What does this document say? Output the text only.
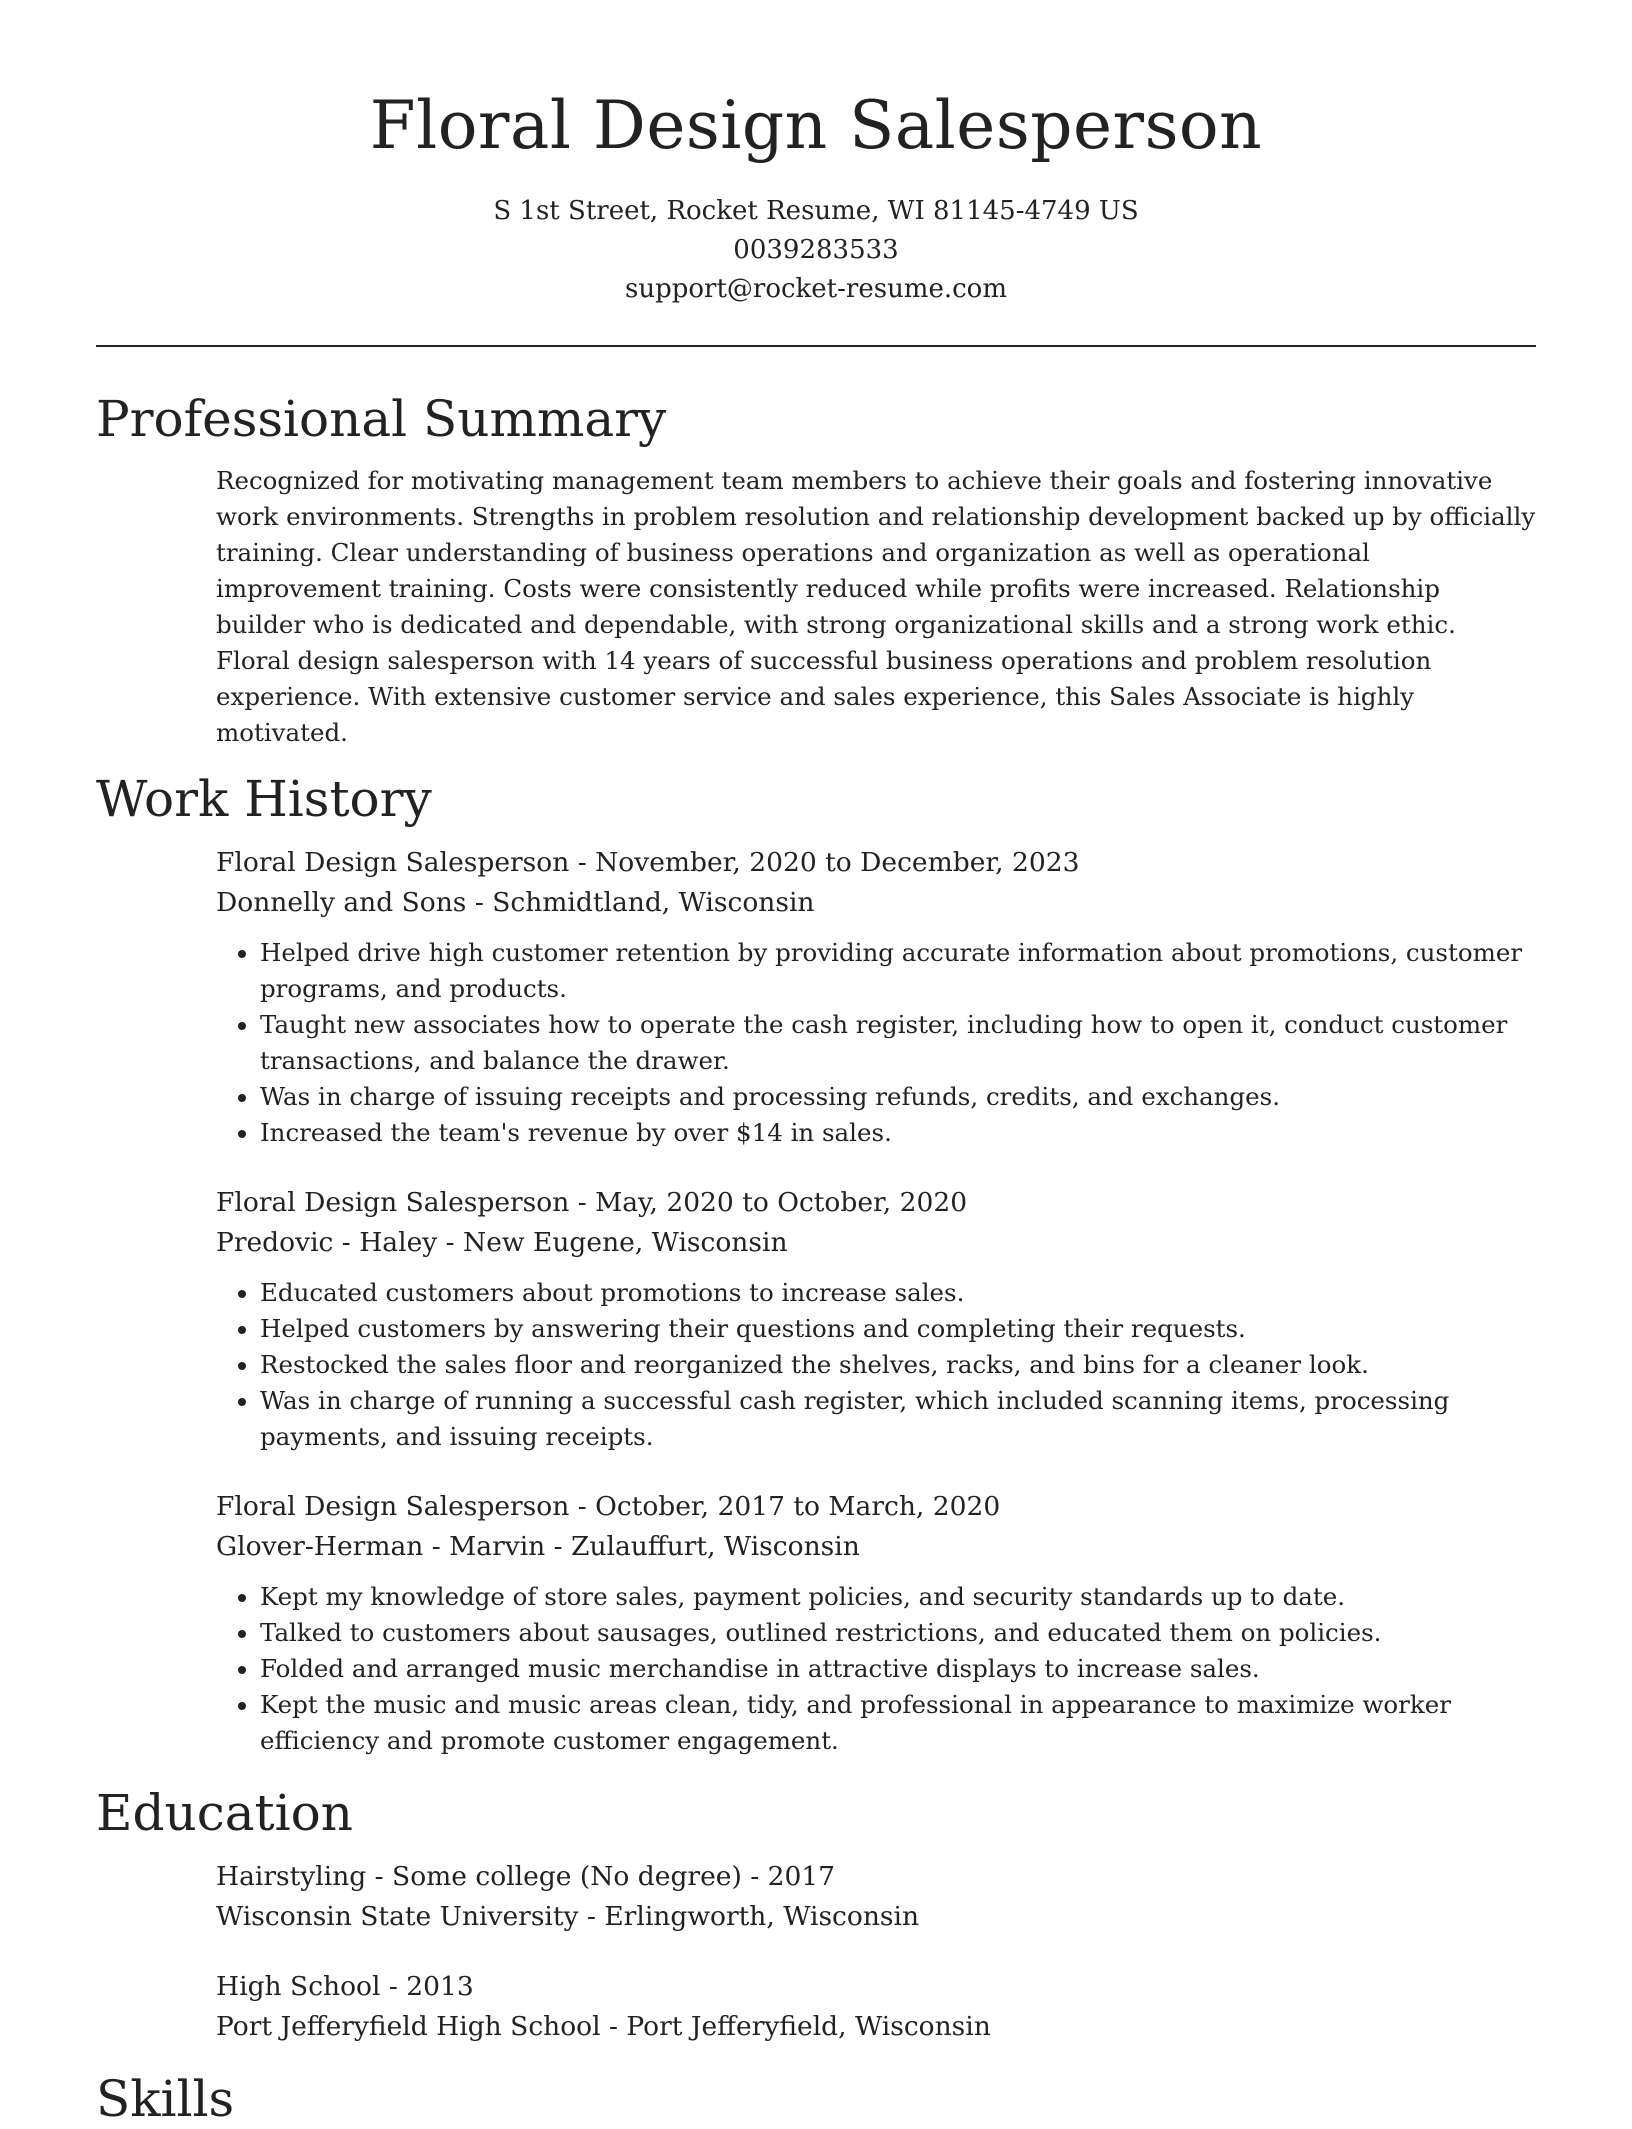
Floral Design Salesperson

S 1st Street, Rocket Resume, WI 81145-4749 US

0039283533

support@rocket-resume.com

Professional Summary

Recognized for motivating management team members to achieve their goals and fostering innovative work environments. Strengths in problem resolution and relationship development backed up by officially training. Clear understanding of business operations and organization as well as operational improvement training. Costs were consistently reduced while profits were increased. Relationship builder who is dedicated and dependable, with strong organizational skills and a strong work ethic. Floral design salesperson with 14 years of successful business operations and problem resolution experience. With extensive customer service and sales experience, this Sales Associate is highly motivated.

Work History

Floral Design Salesperson - November, 2020 to December, 2023

Donnelly and Sons - Schmidtland, Wisconsin

• Helped drive high customer retention by providing accurate information about promotions, customer programs, and products.
• Taught new associates how to operate the cash register, including how to open it, conduct customer transactions, and balance the drawer.
• Was in charge of issuing receipts and processing refunds, credits, and exchanges.
• Increased the team's revenue by over $14 in sales.

Floral Design Salesperson - May, 2020 to October, 2020

Predovic - Haley - New Eugene, Wisconsin

• Educated customers about promotions to increase sales.
• Helped customers by answering their questions and completing their requests.
• Restocked the sales floor and reorganized the shelves, racks, and bins for a cleaner look.
• Was in charge of running a successful cash register, which included scanning items, processing payments, and issuing receipts.

Floral Design Salesperson - October, 2017 to March, 2020

Glover-Herman - Marvin - Zulauffurt, Wisconsin

• Kept my knowledge of store sales, payment policies, and security standards up to date.
• Talked to customers about sausages, outlined restrictions, and educated them on policies.
• Folded and arranged music merchandise in attractive displays to increase sales.
• Kept the music and music areas clean, tidy, and professional in appearance to maximize worker efficiency and promote customer engagement.
Education

Hairstyling - Some college (No degree) - 2017

Wisconsin State University - Erlingworth, Wisconsin

High School - 2013

Port Jefferyfield High School - Port Jefferyfield, Wisconsin

Skills
